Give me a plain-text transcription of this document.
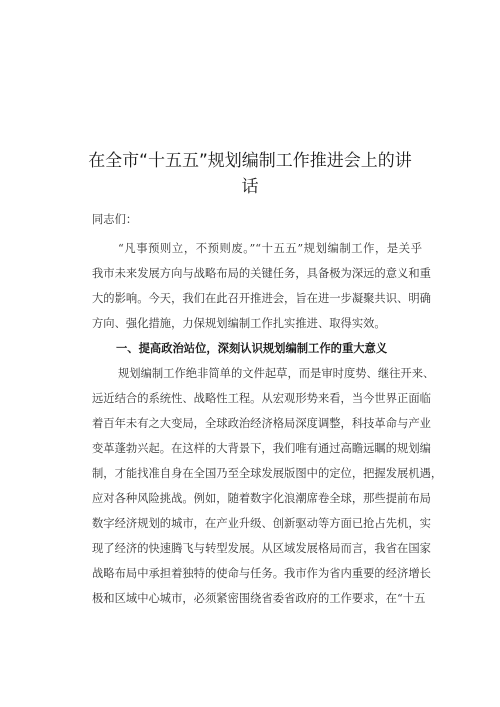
在全市“十五五”规划编制工作推进会上的讲
话
同志们：
“凡事预则立，不预则废。”“十五五”规划编制工作，是关乎
我市未来发展方向与战略布局的关键任务，具备极为深远的意义和重
大的影响。今天，我们在此召开推进会，旨在进一步凝聚共识、明确
方向、强化措施，力保规划编制工作扎实推进、取得实效。
一、提高政治站位，深刻认识规划编制工作的重大意义
规划编制工作绝非简单的文件起草，而是审时度势、继往开来、
远近结合的系统性、战略性工程。从宏观形势来看，当今世界正面临
着百年未有之大变局，全球政治经济格局深度调整，科技革命与产业
变革蓬勃兴起。在这样的大背景下，我们唯有通过高瞻远瞩的规划编
制，才能找准自身在全国乃至全球发展版图中的定位，把握发展机遇，
应对各种风险挑战。例如，随着数字化浪潮席卷全球，那些提前布局
数字经济规划的城市，在产业升级、创新驱动等方面已抢占先机，实
现了经济的快速腾飞与转型发展。从区域发展格局而言，我省在国家
战略布局中承担着独特的使命与任务。我市作为省内重要的经济增长
极和区域中心城市，必须紧密围绕省委省政府的工作要求，在“十五
